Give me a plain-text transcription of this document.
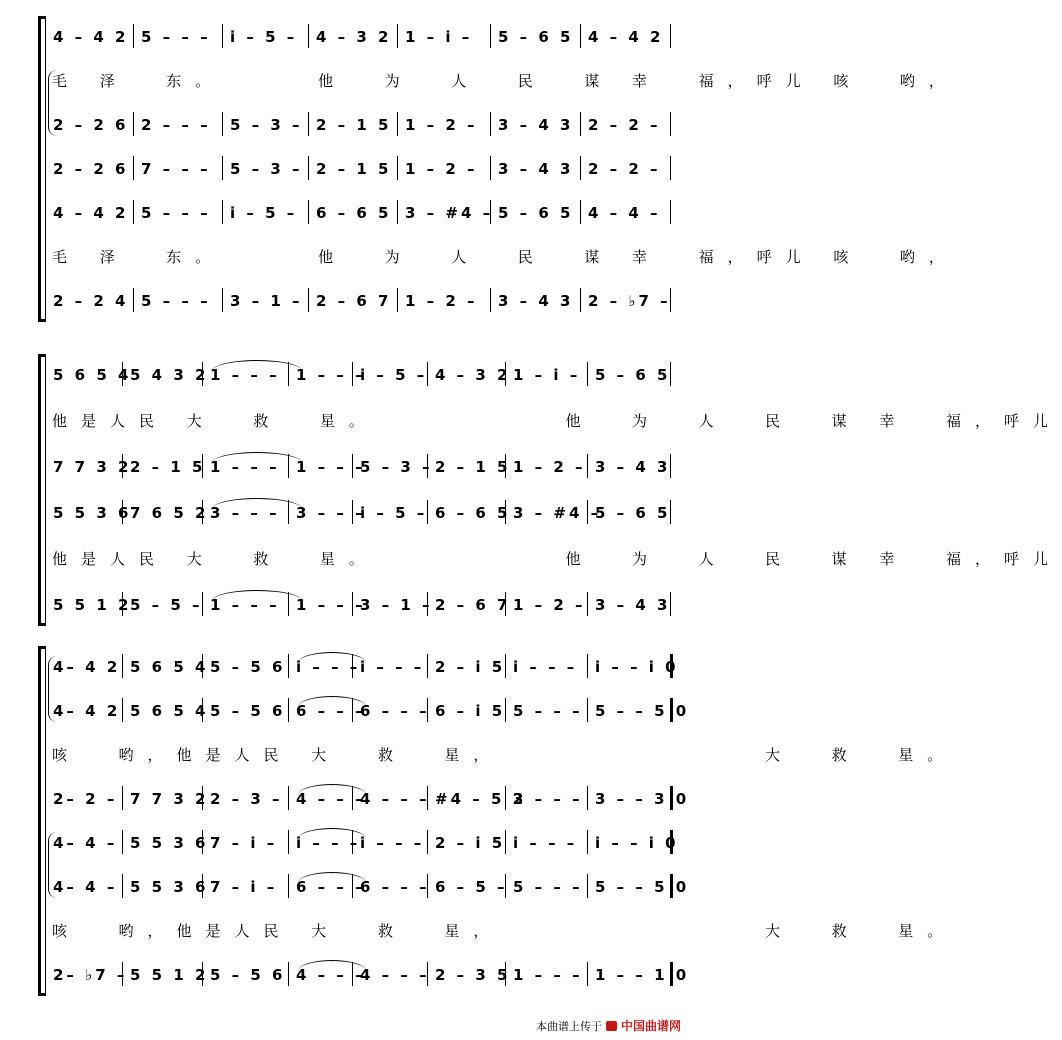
4 – 4 2 5 – – – i – 5 – 4 – 3 2 1 – i – 5 – 6 5 4 – 4 2
毛 泽  东。     他  为  人  民  谋 幸  福，呼儿 咳  哟，
2 – 2 6 2 – – – 5 – 3 – 2 – 1 5 1 – 2 – 3 – 4 3 2 – 2 –
2 – 2 6 7 – – – 5 – 3 – 2 – 1 5 1 – 2 – 3 – 4 3 2 – 2 –
4 – 4 2 5 – – – i – 5 – 6 – 6 5 3 – #4 – 5 – 6 5 4 – 4 –
毛 泽  东。     他  为  人  民  谋 幸  福，呼儿 咳  哟，
2 – 2 4 5 – – – 3 – 1 – 2 – 6 7 1 – 2 – 3 – 4 3 2 – ♭7 –
5 6 5 4
5 4 3 2 1 – – – 1 – – –
i – 5 – 4 – 3 2 1 – i – 5 – 6 5
他是人民 大  救  星。          他  为  人  民  谋 幸  福，呼儿
7 7 3 2
2 – 1 5 1 – – – 1 – – –
5 – 3 – 2 – 1 5 1 – 2 – 3 – 4 3
5 5 3 6
7 6 5 2 3 – – – 3 – – –
i – 5 – 6 – 6 5 3 – #4 –
5 – 6 5
他是人民 大  救  星。          他  为  人  民  谋 幸  福，呼儿
5 5 1 2
5 – 5 – 1 – – – 1 – – –
3 – 1 – 2 – 6 7 1 – 2 – 3 – 4 3
4– 4 2 5 6 5 4 5 – 5 6 i – – – i – – – 2 – i 5 i – – – i – – i 0
4– 4 2 5 6 5 4 5 – 5 6 6 – – –
6 – – – 6 – i 5 5 – – – 5 – – 5 0
咳  哟，他是人民 大  救  星，              大  救  星。
2– 2 – 7 7 3 2 2 – 3 – 4 – – –
4 – – – #4 – 5 2
3 – – – 3 – – 3 0
4– 4 – 5 5 3 6 7 – i – i – – – i – – – 2 – i 5 i – – – i – – i 0
4– 4 – 5 5 3 6 7 – i – 6 – – –
6 – – – 6 – 5 – 5 – – – 5 – – 5 0
咳  哟，他是人民 大  救  星，              大  救  星。
2– ♭7 – 5 5 1 2 5 – 5 6 4 – – –
4 – – – 2 – 3 5 1 – – – 1 – – 1 0
本曲谱上传于 中国曲谱网
